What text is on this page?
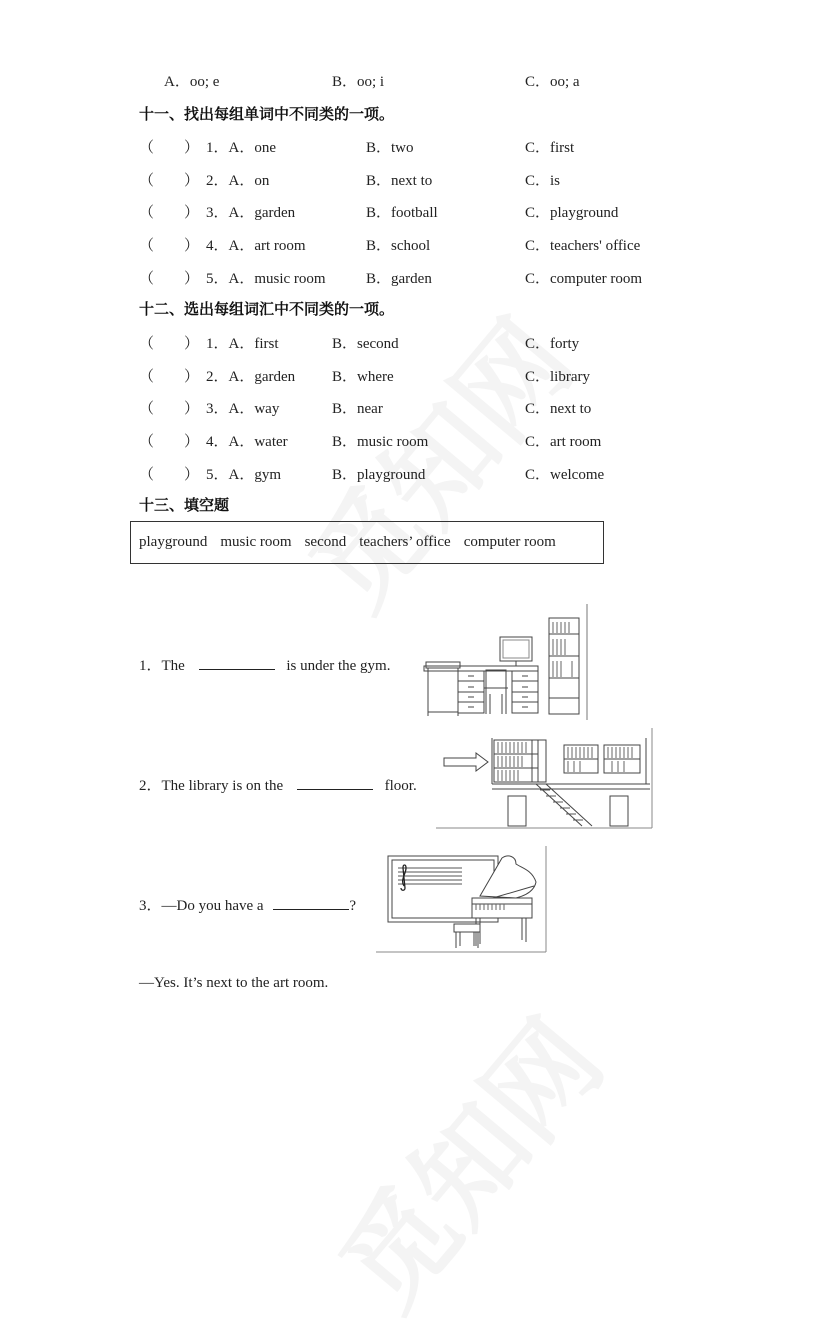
A．oo; e	B．oo; i	C．oo; a
十一、找出每组单词中不同类的一项。
（　　） 1．A．one	B．two	C．first
（　　） 2．A．on	B．next to	C．is
（　　） 3．A．garden	B．football	C．playground
（　　） 4．A．art room	B．school	C．teachers' office
（　　） 5．A．music room	B．garden	C．computer room
十二、选出每组词汇中不同类的一项。
（　　） 1．A．first	B．second	C．forty
（　　） 2．A．garden B．where	C．library
（　　） 3．A．way	B．near	C．next to
（　　） 4．A．water	B．music room	C．art room
（　　） 5．A．gym	B．playground	C．welcome
十三、填空题
playground music room second teachers’ office computer room
1．The	is under the gym.
2．The library is on the	floor.
3．—Do you have a	?
—Yes. It’s next to the art room.
